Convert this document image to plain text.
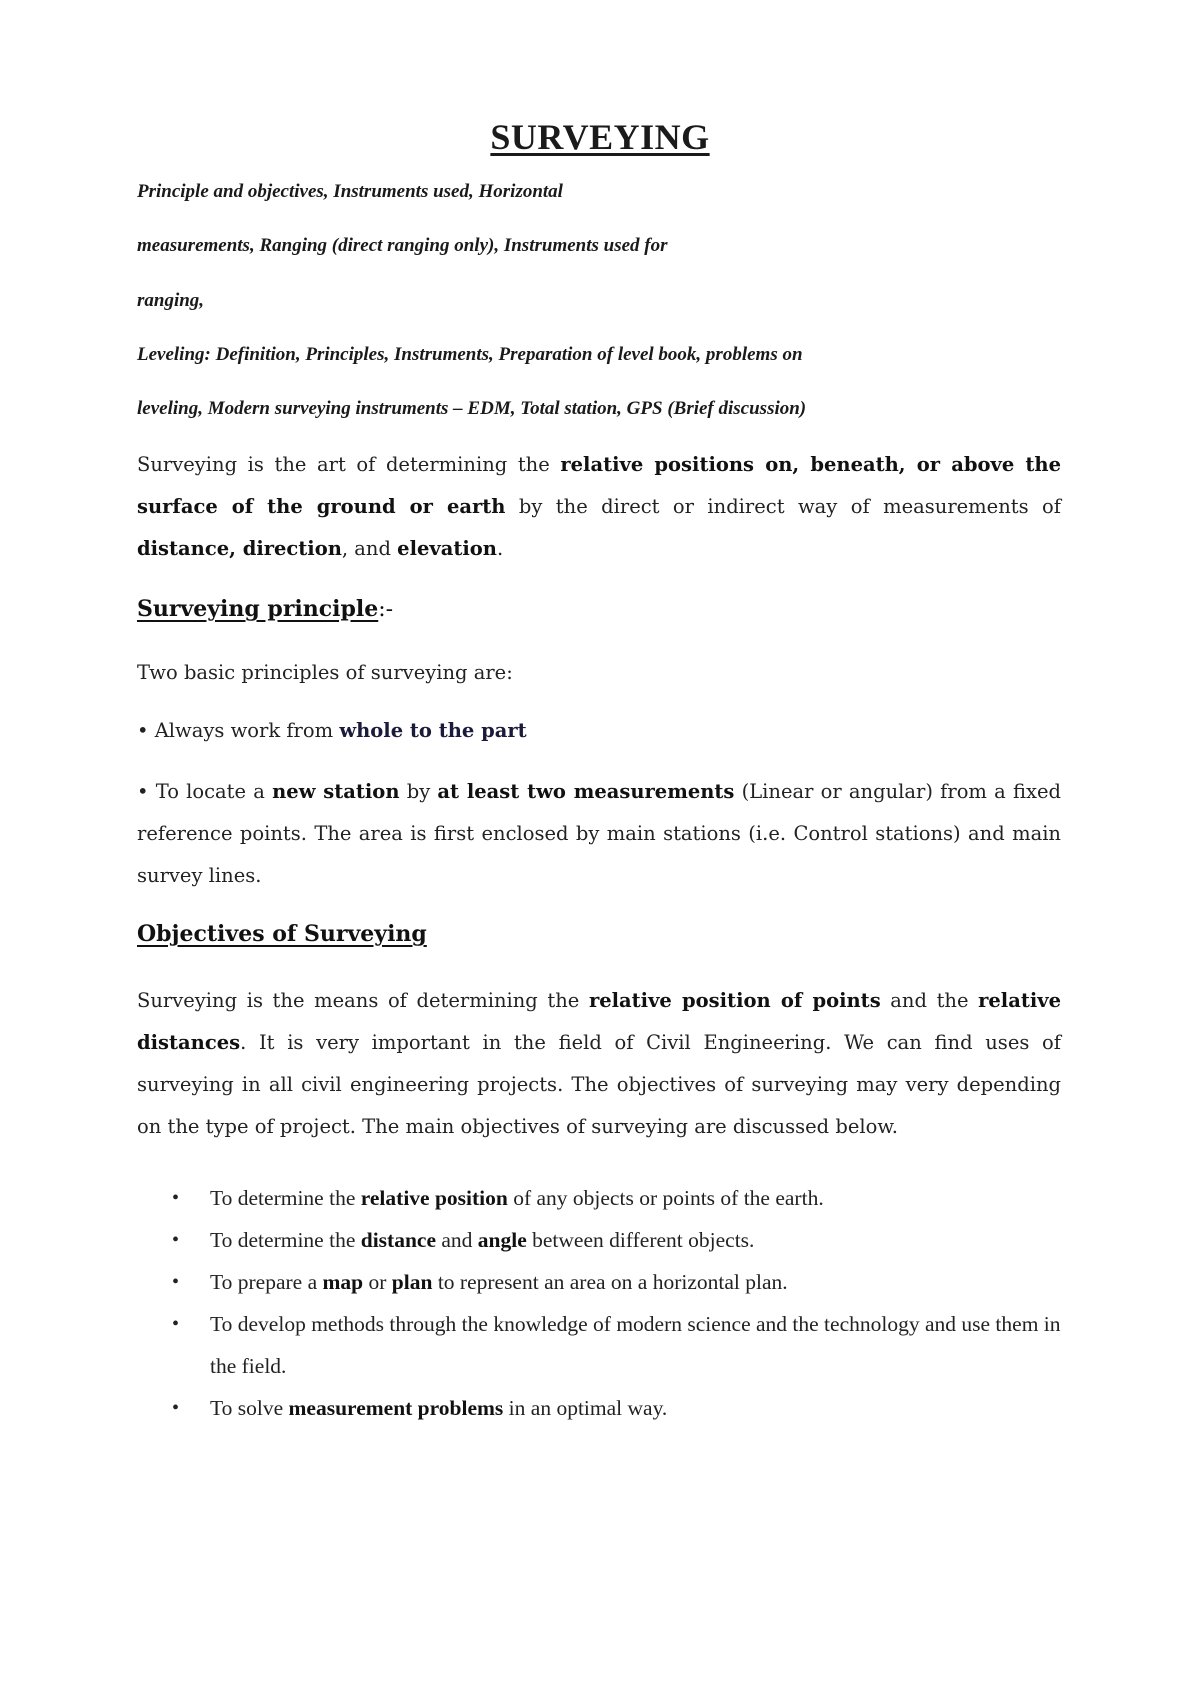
SURVEYING
Principle and objectives, Instruments used, Horizontal
measurements, Ranging (direct ranging only), Instruments used for
ranging,
Leveling: Definition, Principles, Instruments, Preparation of level book, problems on
leveling, Modern surveying instruments – EDM, Total station, GPS (Brief discussion)
Surveying is the art of determining the relative positions on, beneath, or above the surface of the ground or earth by the direct or indirect way of measurements of distance, direction, and elevation.
Surveying principle:-
Two basic principles of surveying are:
• Always work from whole to the part
• To locate a new station by at least two measurements (Linear or angular) from a fixed reference points. The area is first enclosed by main stations (i.e. Control stations) and main survey lines.
Objectives of Surveying
Surveying is the means of determining the relative position of points and the relative distances. It is very important in the field of Civil Engineering. We can find uses of surveying in all civil engineering projects. The objectives of surveying may very depending on the type of project. The main objectives of surveying are discussed below.
• To determine the relative position of any objects or points of the earth.
• To determine the distance and angle between different objects.
• To prepare a map or plan to represent an area on a horizontal plan.
• To develop methods through the knowledge of modern science and the technology and use them in the field.
• To solve measurement problems in an optimal way.
